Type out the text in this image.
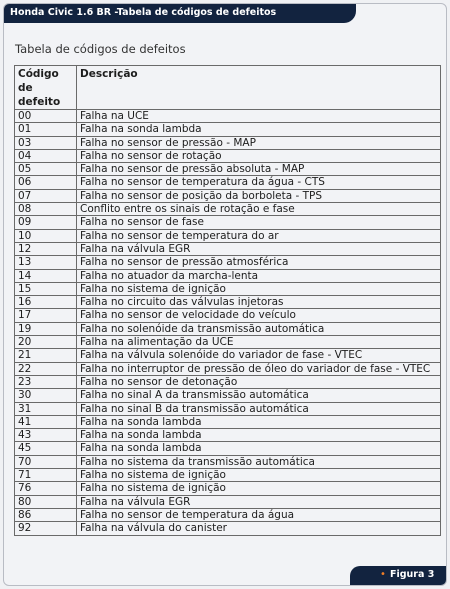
Honda Civic 1.6 BR -Tabela de códigos de defeitos
Tabela de códigos de defeitos
Código de defeito	Descrição
00	Falha na UCE
01	Falha na sonda lambda
03	Falha no sensor de pressão - MAP
04	Falha no sensor de rotação
05	Falha no sensor de pressão absoluta - MAP
06	Falha no sensor de temperatura da água - CTS
07	Falha no sensor de posição da borboleta - TPS
08	Conflito entre os sinais de rotação e fase
09	Falha no sensor de fase
10	Falha no sensor de temperatura do ar
12	Falha na válvula EGR
13	Falha no sensor de pressão atmosférica
14	Falha no atuador da marcha-lenta
15	Falha no sistema de ignição
16	Falha no circuito das válvulas injetoras
17	Falha no sensor de velocidade do veículo
19	Falha no solenóide da transmissão automática
20	Falha na alimentação da UCE
21	Falha na válvula solenóide do variador de fase - VTEC
22	Falha no interruptor de pressão de óleo do variador de fase - VTEC
23	Falha no sensor de detonação
30	Falha no sinal A da transmissão automática
31	Falha no sinal B da transmissão automática
41	Falha na sonda lambda
43	Falha na sonda lambda
45	Falha na sonda lambda
70	Falha no sistema da transmissão automática
71	Falha no sistema de ignição
76	Falha no sistema de ignição
80	Falha na válvula EGR
86	Falha no sensor de temperatura da água
92	Falha na válvula do canister
• Figura 3
